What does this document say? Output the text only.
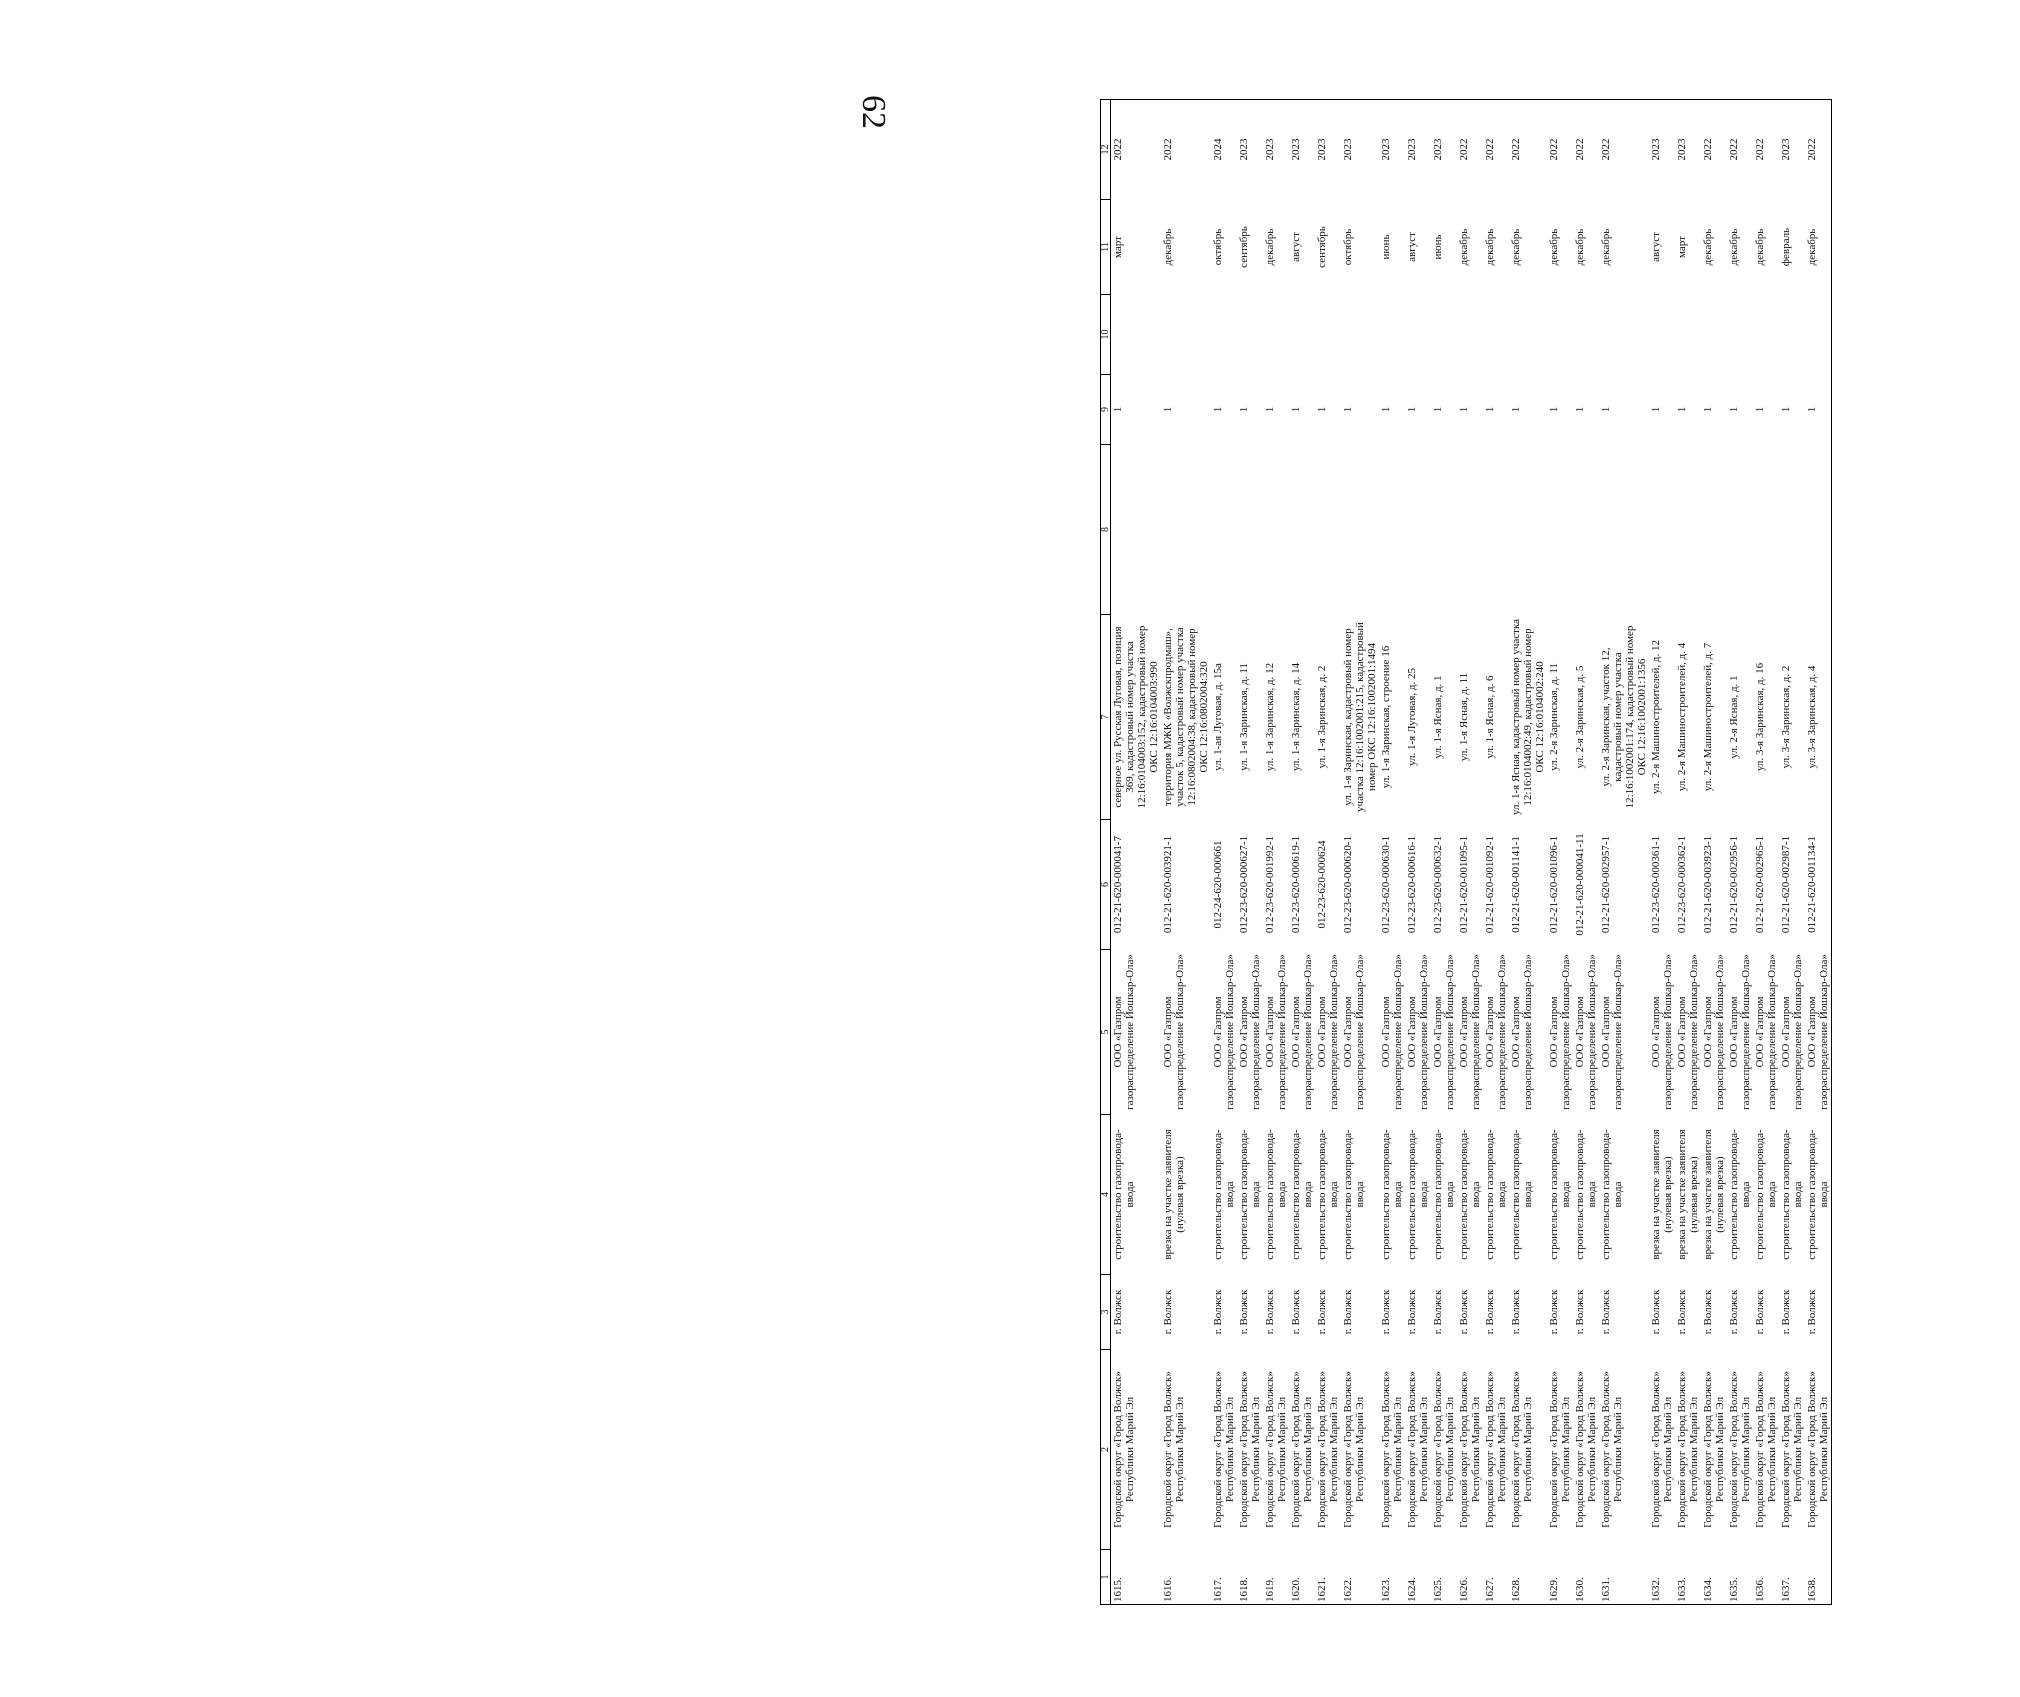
62
1	2	3	4	5	6	7	8	9	10	11	12
1615.	Городской округ «Город Волжск» Республики Марий Эл	г. Волжск	строительство газопровода-ввода	ООО «Газпром газораспределение Йошкар-Ола»	012-21-620-000041-7	северное ул. Русская Луговая, позиция 369, кадастровый номер участка 12:16:0104003:152, кадастровый номер ОКС 12:16:0104003:990		1		март	2022
1616.	Городской округ «Город Волжск» Республики Марий Эл	г. Волжск	врезка на участке заявителя (нулевая врезка)	ООО «Газпром газораспределение Йошкар-Ола»	012-21-620-003921-1	территория МЖК «Волжскпродмаш», участок 5, кадастровый номер участка 12:16:0802004:38, кадастровый номер ОКС 12:16:0802004:320		1		декабрь	2022
1617.	Городской округ «Город Волжск» Республики Марий Эл	г. Волжск	строительство газопровода-ввода	ООО «Газпром газораспределение Йошкар-Ола»	012-24-620-000661	ул. 1-ая Луговая, д. 15а		1		октябрь	2024
1618.	Городской округ «Город Волжск» Республики Марий Эл	г. Волжск	строительство газопровода-ввода	ООО «Газпром газораспределение Йошкар-Ола»	012-23-620-000627-1	ул. 1-я Заринская, д. 11		1		сентябрь	2023
1619.	Городской округ «Город Волжск» Республики Марий Эл	г. Волжск	строительство газопровода-ввода	ООО «Газпром газораспределение Йошкар-Ола»	012-23-620-001992-1	ул. 1-я Заринская, д. 12		1		декабрь	2023
1620.	Городской округ «Город Волжск» Республики Марий Эл	г. Волжск	строительство газопровода-ввода	ООО «Газпром газораспределение Йошкар-Ола»	012-23-620-000619-1	ул. 1-я Заринская, д. 14		1		август	2023
1621.	Городской округ «Город Волжск» Республики Марий Эл	г. Волжск	строительство газопровода-ввода	ООО «Газпром газораспределение Йошкар-Ола»	012-23-620-000624	ул. 1-я Заринская, д. 2		1		сентябрь	2023
1622.	Городской округ «Город Волжск» Республики Марий Эл	г. Волжск	строительство газопровода-ввода	ООО «Газпром газораспределение Йошкар-Ола»	012-23-620-000620-1	ул. 1-я Заринская, кадастровый номер участка 12:16:1002001:215, кадастровый номер ОКС 12:16:1002001:1494		1		октябрь	2023
1623.	Городской округ «Город Волжск» Республики Марий Эл	г. Волжск	строительство газопровода-ввода	ООО «Газпром газораспределение Йошкар-Ола»	012-23-620-000630-1	ул. 1-я Заринская, строение 16		1		июнь	2023
1624.	Городской округ «Город Волжск» Республики Марий Эл	г. Волжск	строительство газопровода-ввода	ООО «Газпром газораспределение Йошкар-Ола»	012-23-620-000616-1	ул. 1-я Луговая, д. 25		1		август	2023
1625.	Городской округ «Город Волжск» Республики Марий Эл	г. Волжск	строительство газопровода-ввода	ООО «Газпром газораспределение Йошкар-Ола»	012-23-620-000632-1	ул. 1-я Ясная, д. 1		1		июнь	2023
1626.	Городской округ «Город Волжск» Республики Марий Эл	г. Волжск	строительство газопровода-ввода	ООО «Газпром газораспределение Йошкар-Ола»	012-21-620-001095-1	ул. 1-я Ясная, д. 11		1		декабрь	2022
1627.	Городской округ «Город Волжск» Республики Марий Эл	г. Волжск	строительство газопровода-ввода	ООО «Газпром газораспределение Йошкар-Ола»	012-21-620-001092-1	ул. 1-я Ясная, д. 6		1		декабрь	2022
1628.	Городской округ «Город Волжск» Республики Марий Эл	г. Волжск	строительство газопровода-ввода	ООО «Газпром газораспределение Йошкар-Ола»	012-21-620-001141-1	ул. 1-я Ясная, кадастровый номер участка 12:16:0104002:49, кадастровый номер ОКС 12:16:0104002:240		1		декабрь	2022
1629.	Городской округ «Город Волжск» Республики Марий Эл	г. Волжск	строительство газопровода-ввода	ООО «Газпром газораспределение Йошкар-Ола»	012-21-620-001096-1	ул. 2-я Заринская, д. 11		1		декабрь	2022
1630.	Городской округ «Город Волжск» Республики Марий Эл	г. Волжск	строительство газопровода-ввода	ООО «Газпром газораспределение Йошкар-Ола»	012-21-620-000041-11	ул. 2-я Заринская, д. 5		1		декабрь	2022
1631.	Городской округ «Город Волжск» Республики Марий Эл	г. Волжск	строительство газопровода-ввода	ООО «Газпром газораспределение Йошкар-Ола»	012-21-620-002957-1	ул. 2-я Заринская, участок 12, кадастровый номер участка 12:16:1002001:174, кадастровый номер ОКС 12:16:1002001:1356		1		декабрь	2022
1632.	Городской округ «Город Волжск» Республики Марий Эл	г. Волжск	врезка на участке заявителя (нулевая врезка)	ООО «Газпром газораспределение Йошкар-Ола»	012-23-620-000361-1	ул. 2-я Машиностроителей, д. 12		1		август	2023
1633.	Городской округ «Город Волжск» Республики Марий Эл	г. Волжск	врезка на участке заявителя (нулевая врезка)	ООО «Газпром газораспределение Йошкар-Ола»	012-23-620-000362-1	ул. 2-я Машиностроителей, д. 4		1		март	2023
1634.	Городской округ «Город Волжск» Республики Марий Эл	г. Волжск	врезка на участке заявителя (нулевая врезка)	ООО «Газпром газораспределение Йошкар-Ола»	012-21-620-003923-1	ул. 2-я Машиностроителей, д. 7		1		декабрь	2022
1635.	Городской округ «Город Волжск» Республики Марий Эл	г. Волжск	строительство газопровода-ввода	ООО «Газпром газораспределение Йошкар-Ола»	012-21-620-002956-1	ул. 2-я Ясная, д. 1		1		декабрь	2022
1636.	Городской округ «Город Волжск» Республики Марий Эл	г. Волжск	строительство газопровода-ввода	ООО «Газпром газораспределение Йошкар-Ола»	012-21-620-002965-1	ул. 3-я Заринская, д. 16		1		декабрь	2022
1637.	Городской округ «Город Волжск» Республики Марий Эл	г. Волжск	строительство газопровода-ввода	ООО «Газпром газораспределение Йошкар-Ола»	012-21-620-002987-1	ул. 3-я Заринская, д. 2		1		февраль	2023
1638.	Городской округ «Город Волжск» Республики Марий Эл	г. Волжск	строительство газопровода-ввода	ООО «Газпром газораспределение Йошкар-Ола»	012-21-620-001134-1	ул. 3-я Заринская, д. 4		1		декабрь	2022
